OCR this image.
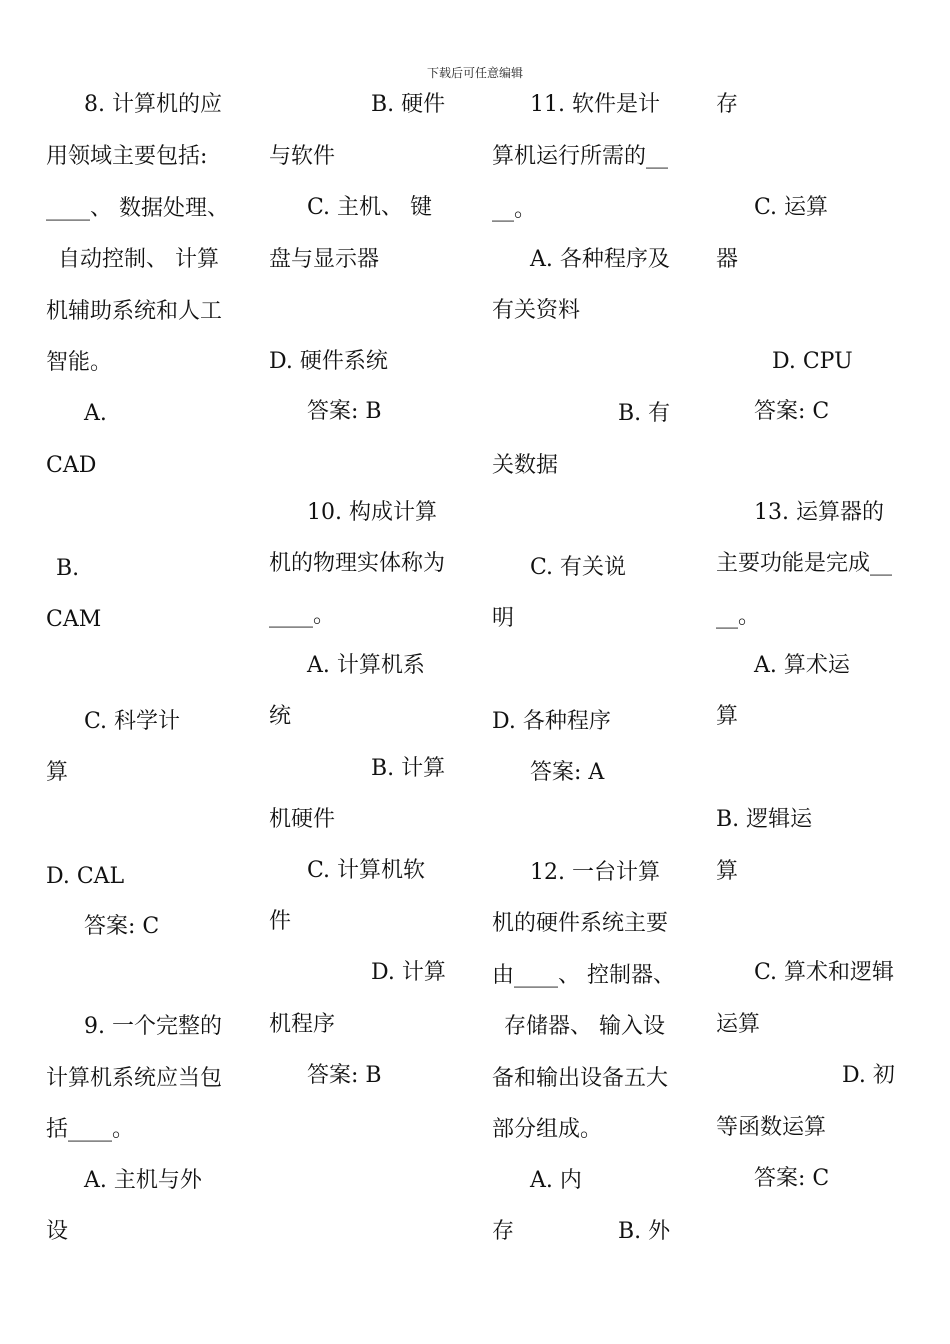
下载后可任意编辑
8. 计算机的应
用领域主要包括:
____、 数据处理、
自动控制、 计算
机辅助系统和人工
智能。
A.
CAD
B.
CAM
C. 科学计
算
D. CAL
答案: C
9. 一个完整的
计算机系统应当包
括____。
A. 主机与外
设
B. 硬件
与软件
C. 主机、 键
盘与显示器
D. 硬件系统
答案: B
10. 构成计算
机的物理实体称为
____。
A. 计算机系
统
B. 计算
机硬件
C. 计算机软
件
D. 计算
机程序
答案: B
11. 软件是计
算机运行所需的__
__。
A. 各种程序及
有关资料
B. 有
关数据
C. 有关说
明
D. 各种程序
答案: A
12. 一台计算
机的硬件系统主要
由____、 控制器、
存储器、 输入设
备和输出设备五大
部分组成。
A. 内
存	B. 外
存
C. 运算
器
D. CPU
答案: C
13. 运算器的
主要功能是完成__
__。
A. 算术运
算
B. 逻辑运
算
C. 算术和逻辑
运算
D. 初
等函数运算
答案: C
